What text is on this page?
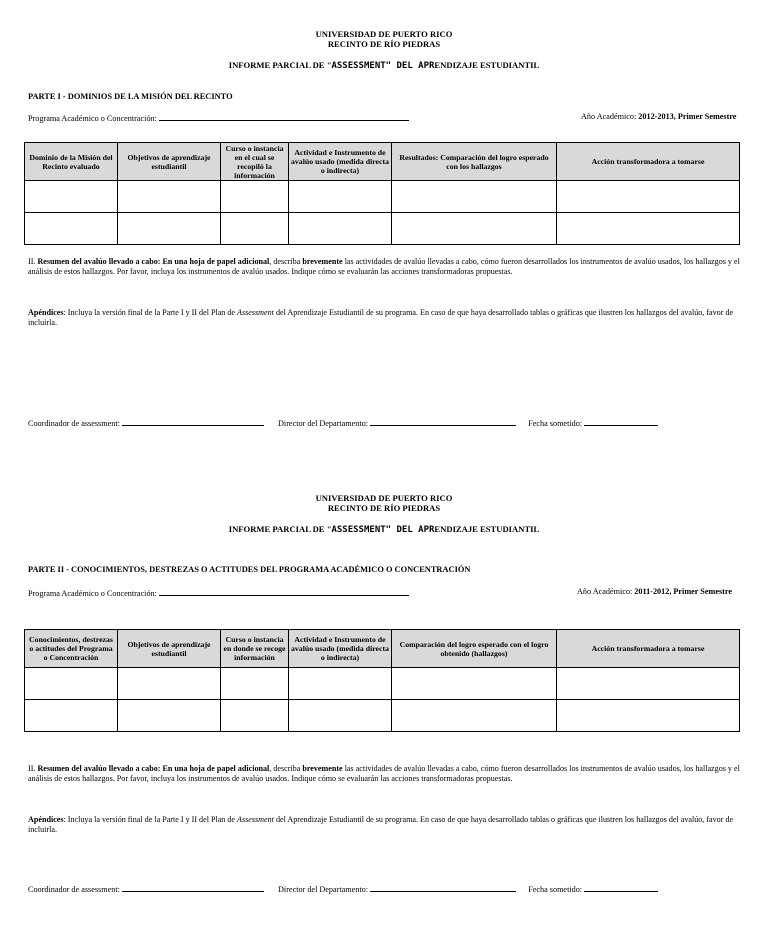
UNIVERSIDAD DE PUERTO RICO
RECINTO DE RÍO PIEDRAS
INFORME PARCIAL DE "ASSESSMENT" DEL APRENDIZAJE ESTUDIANTIL
PARTE I - DOMINIOS DE LA MISIÓN DEL RECINTO
Programa Académico o Concentración:	Año Académico: 2012-2013, Primer Semestre
Dominio de la Misión del Recinto evaluado	Objetivos de aprendizaje estudiantil	Curso o instancia en el cual se recopiló la información	Actividad e Instrumento de avalúo usado (medida directa o indirecta)	Resultados: Comparación del logro esperado con los hallazgos	Acción transformadora a tomarse

II. Resumen del avalúo llevado a cabo: En una hoja de papel adicional, describa brevemente las actividades de avalúo llevadas a cabo, cómo fueron desarrollados los instrumentos de avalúo usados, los hallazgos y el análisis de estos hallazgos. Por favor, incluya los instrumentos de avalúo usados. Indique cómo se evaluarán las acciones transformadoras propuestas.
Apéndices: Incluya la versión final de la Parte I y II del Plan de Assessment del Aprendizaje Estudiantil de su programa. En caso de que haya desarrollado tablas o gráficas que ilustren los hallazgos del avalúo, favor de incluirla.
Coordinador de assessment:	Director del Departamento:	Fecha sometido:
UNIVERSIDAD DE PUERTO RICO
RECINTO DE RÍO PIEDRAS
INFORME PARCIAL DE "ASSESSMENT" DEL APRENDIZAJE ESTUDIANTIL
PARTE II - CONOCIMIENTOS, DESTREZAS O ACTITUDES DEL PROGRAMA ACADÉMICO O CONCENTRACIÓN
Programa Académico o Concentración:	Año Académico: 2011-2012, Primer Semestre
Conocimientos, destrezas o actitudes del Programa o Concentración	Objetivos de aprendizaje estudiantil	Curso o instancia en donde se recoge información	Actividad e Instrumento de avalúo usado (medida directa o indirecta)	Comparación del logro esperado con el logro obtenido (hallazgos)	Acción transformadora a tomarse

II. Resumen del avalúo llevado a cabo: En una hoja de papel adicional, describa brevemente las actividades de avalúo llevadas a cabo, cómo fueron desarrollados los instrumentos de avalúo usados, los hallazgos y el análisis de estos hallazgos. Por favor, incluya los instrumentos de avalúo usados. Indique cómo se evaluarán las acciones transformadoras propuestas.
Apéndices: Incluya la versión final de la Parte I y II del Plan de Assessment del Aprendizaje Estudiantil de su programa. En caso de que haya desarrollado tablas o gráficas que ilustren los hallazgos del avalúo, favor de incluirla.
Coordinador de assessment:	Director del Departamento:	Fecha sometido:
